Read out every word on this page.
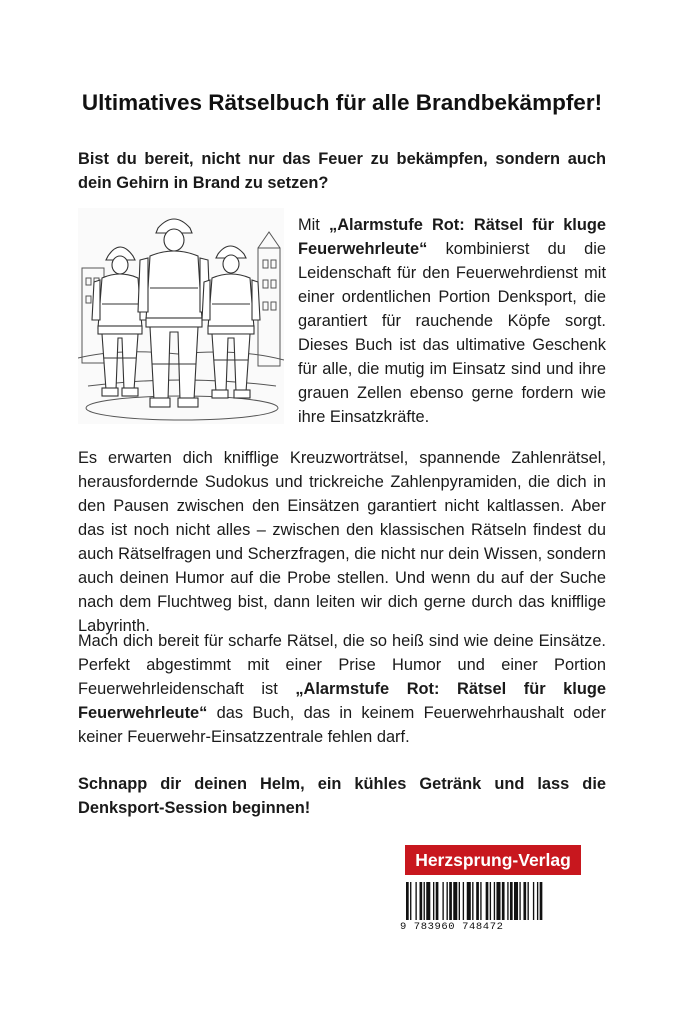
Ultimatives Rätselbuch für alle Brandbekämpfer!

Bist du bereit, nicht nur das Feuer zu bekämpfen, sondern auch dein Gehirn in Brand zu setzen?

Mit „Alarmstufe Rot: Rätsel für kluge Feuerwehrleute“ kombinierst du die Leidenschaft für den Feuerwehrdienst mit einer ordentlichen Portion Denksport, die garantiert für rauchende Köpfe sorgt. Dieses Buch ist das ultimative Geschenk für alle, die mutig im Einsatz sind und ihre grauen Zellen ebenso gerne fordern wie ihre Einsatzkräfte.

Es erwarten dich knifflige Kreuzworträtsel, spannende Zahlenrätsel, herausfordernde Sudokus und trickreiche Zahlenpyramiden, die dich in den Pausen zwischen den Einsätzen garantiert nicht kaltlassen. Aber das ist noch nicht alles – zwischen den klassischen Rätseln findest du auch Rätselfragen und Scherzfragen, die nicht nur dein Wissen, sondern auch deinen Humor auf die Probe stellen. Und wenn du auf der Suche nach dem Fluchtweg bist, dann leiten wir dich gerne durch das knifflige Labyrinth.

Mach dich bereit für scharfe Rätsel, die so heiß sind wie deine Einsätze. Perfekt abgestimmt mit einer Prise Humor und einer Portion Feuerwehrleidenschaft ist „Alarmstufe Rot: Rätsel für kluge Feuerwehrleute“ das Buch, das in keinem Feuerwehrhaushalt oder keiner Feuerwehr-Einsatzzentrale fehlen darf.

Schnapp dir deinen Helm, ein kühles Getränk und lass die Denksport-Session beginnen!

Herzsprung-Verlag
9 783960 748472
